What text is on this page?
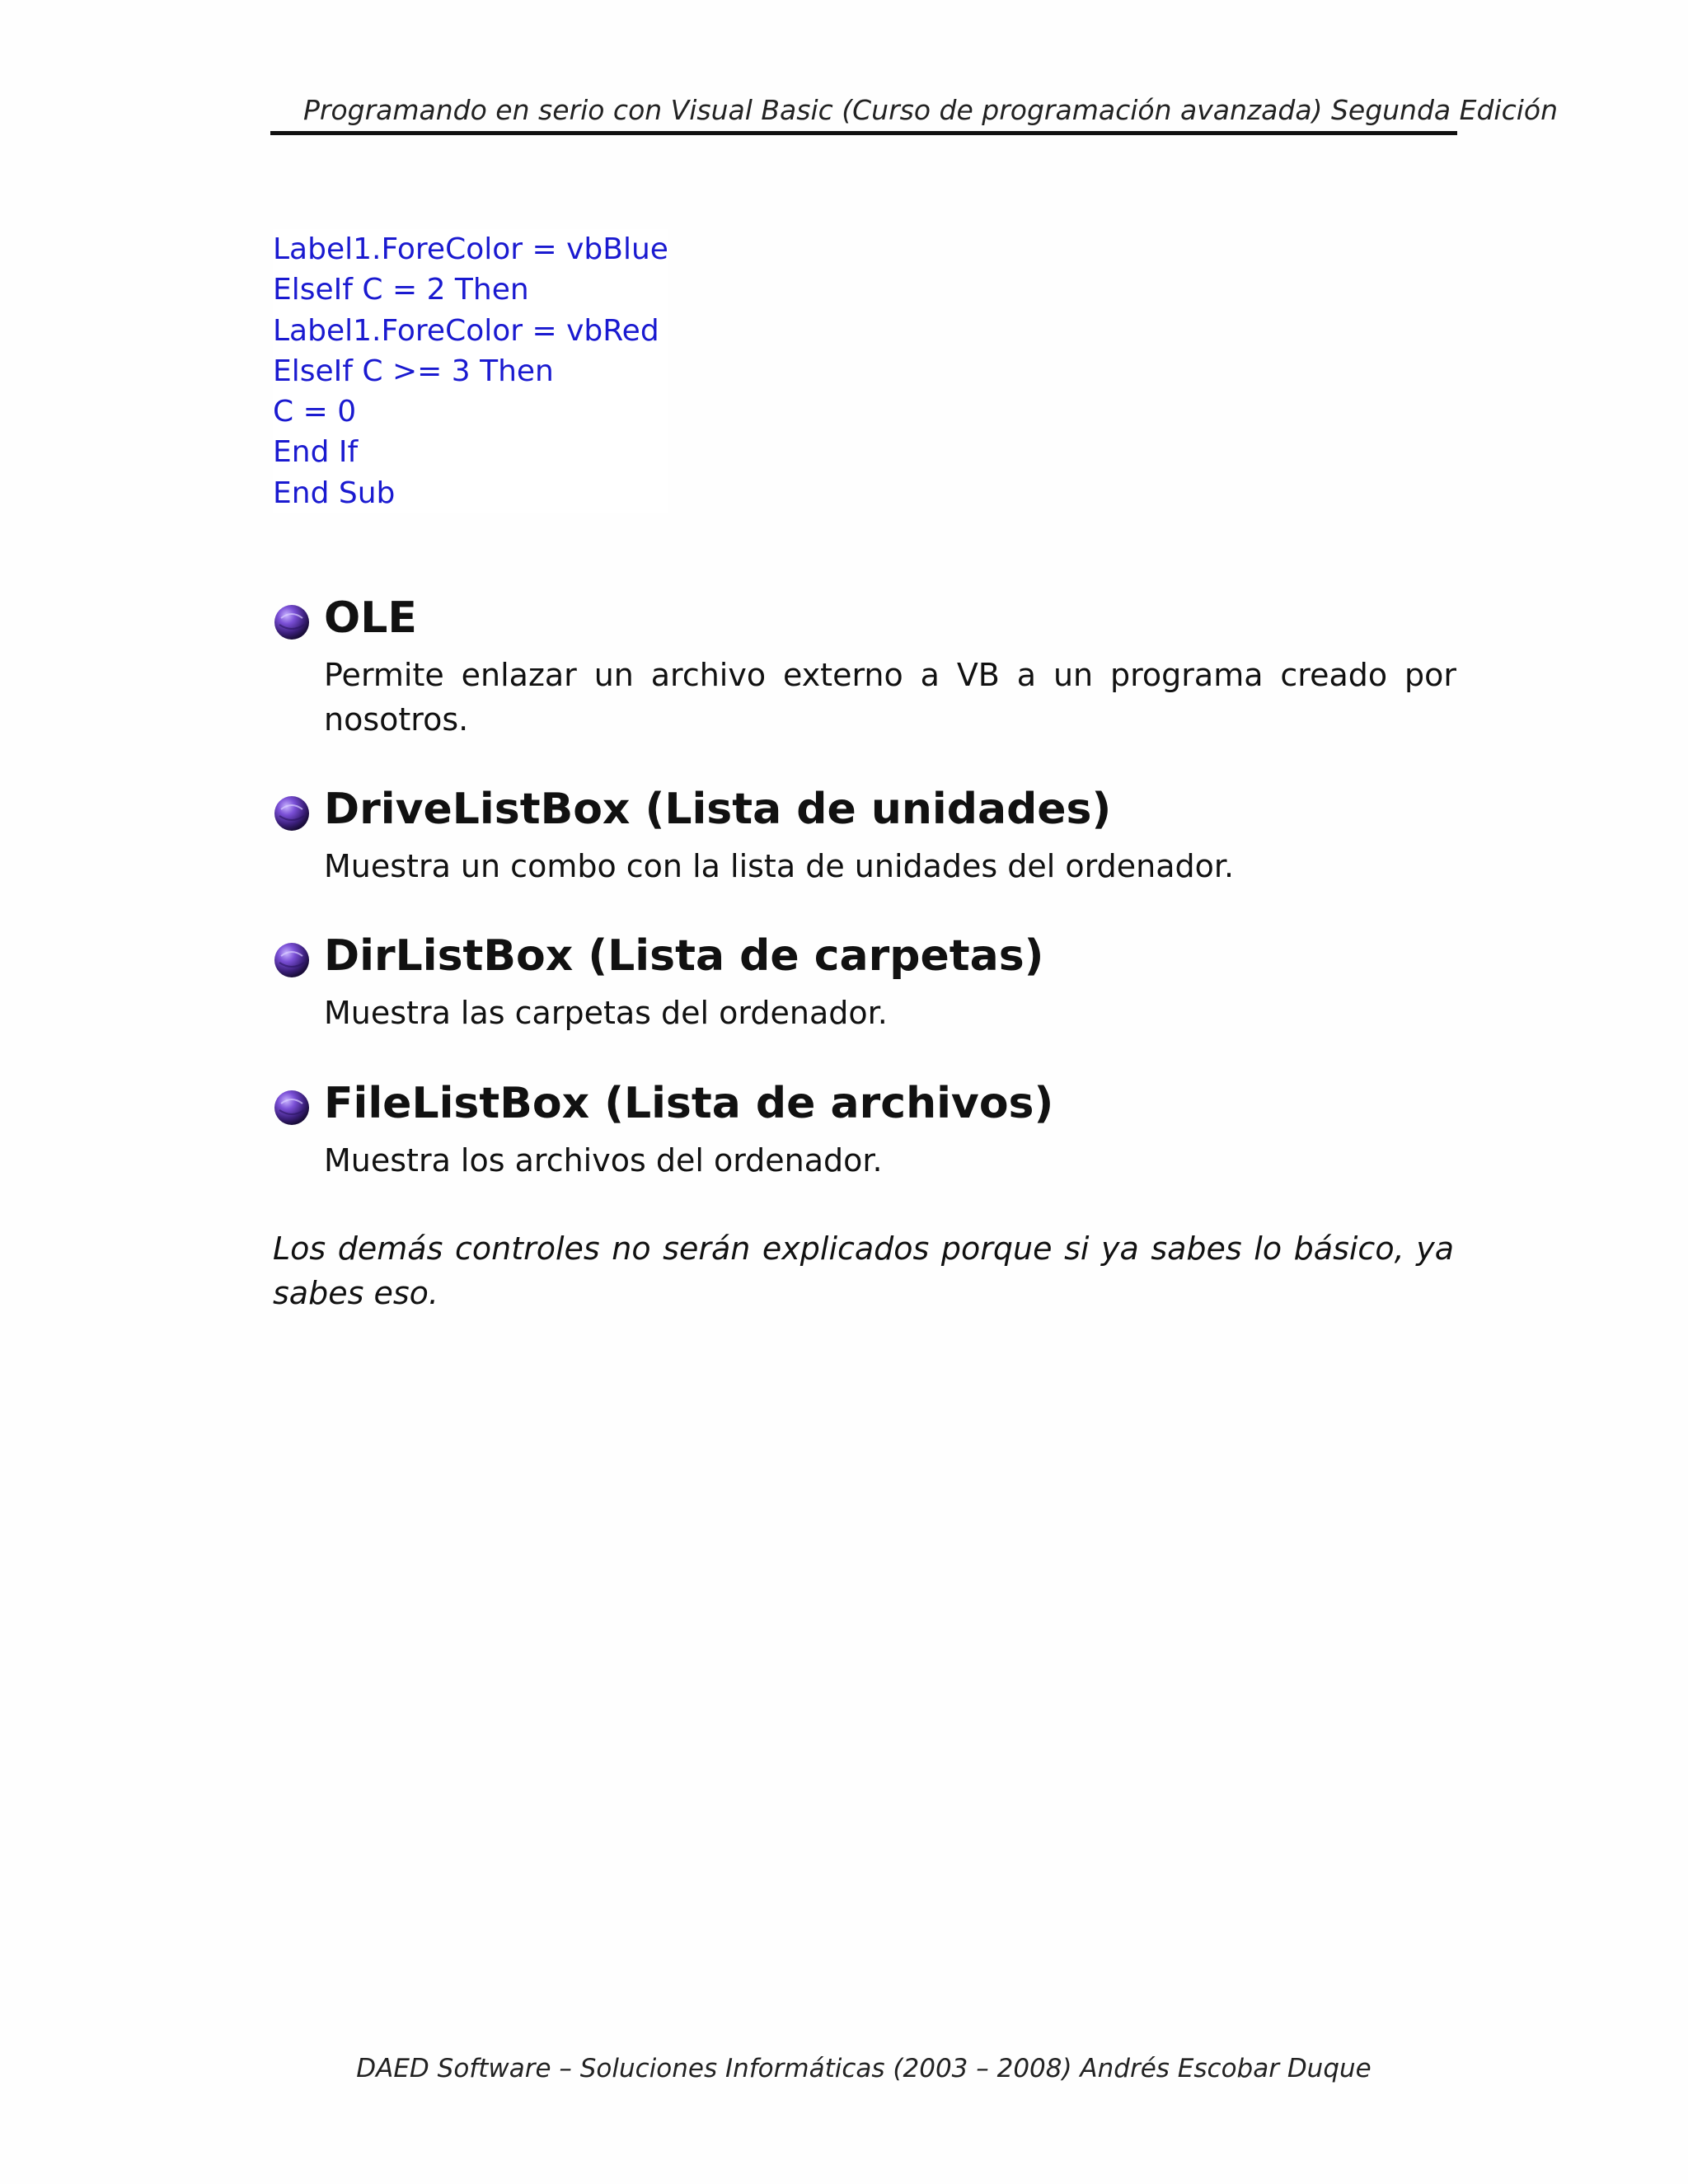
Programando en serio con Visual Basic (Curso de programación avanzada) Segunda Edición
Label1.ForeColor = vbBlue
ElseIf C = 2 Then
Label1.ForeColor = vbRed
ElseIf C >= 3 Then
C = 0
End If
End Sub
OLE
Permite enlazar un archivo externo a VB a un programa creado por nosotros.
DriveListBox (Lista de unidades)
Muestra un combo con la lista de unidades del ordenador.
DirListBox (Lista de carpetas)
Muestra las carpetas del ordenador.
FileListBox (Lista de archivos)
Muestra los archivos del ordenador.
Los demás controles no serán explicados porque si ya sabes lo básico, ya sabes eso.
DAED Software – Soluciones Informáticas (2003 – 2008) Andrés Escobar Duque
